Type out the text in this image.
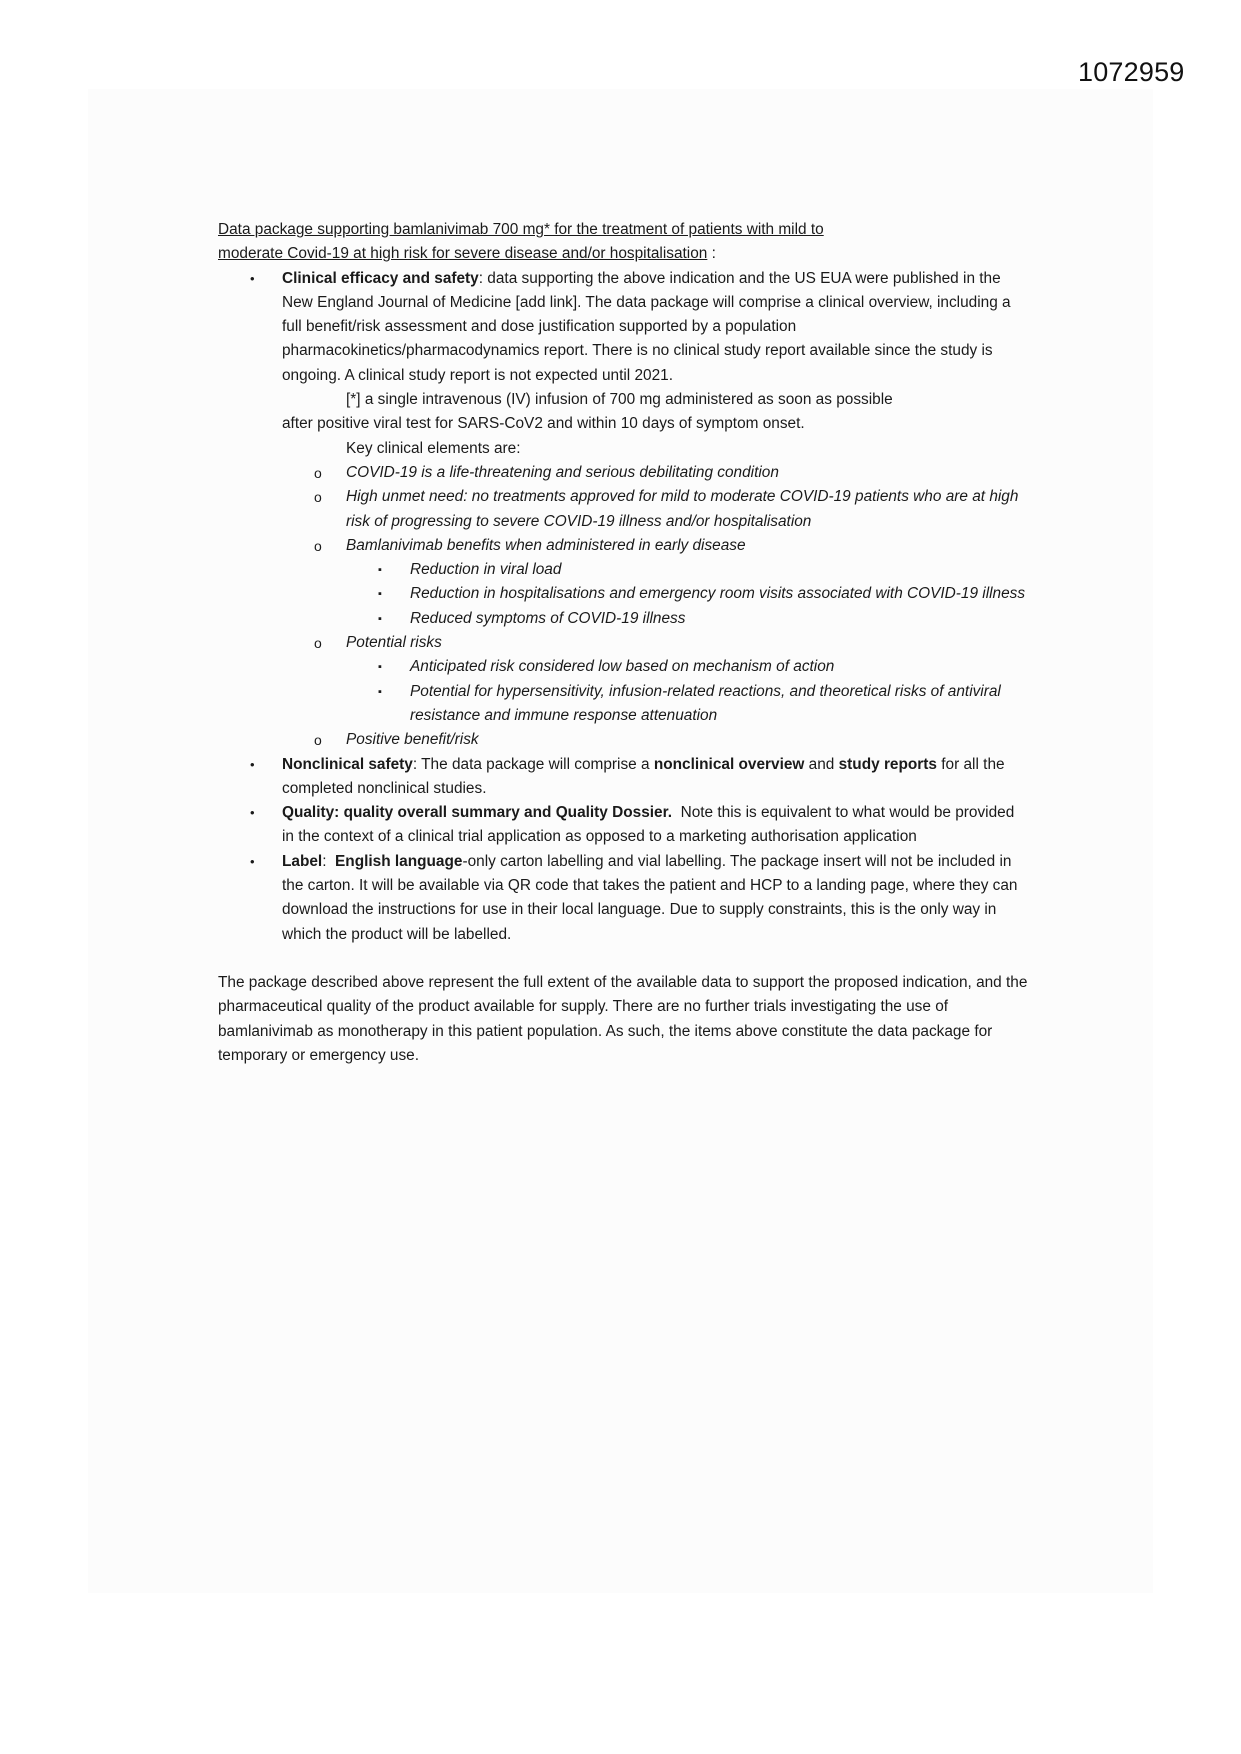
1072959
Data package supporting bamlanivimab 700 mg* for the treatment of patients with mild to
moderate Covid-19 at high risk for severe disease and/or hospitalisation :
• Clinical efficacy and safety: data supporting the above indication and the US EUA were published in the New England Journal of Medicine [add link]. The data package will comprise a clinical overview, including a full benefit/risk assessment and dose justification supported by a population pharmacokinetics/pharmacodynamics report. There is no clinical study report available since the study is ongoing. A clinical study report is not expected until 2021.
[*] a single intravenous (IV) infusion of 700 mg administered as soon as possible
after positive viral test for SARS-CoV2 and within 10 days of symptom onset.
Key clinical elements are:
o COVID-19 is a life-threatening and serious debilitating condition
o High unmet need: no treatments approved for mild to moderate COVID-19 patients who are at high risk of progressing to severe COVID-19 illness and/or hospitalisation
o Bamlanivimab benefits when administered in early disease
▪ Reduction in viral load
▪ Reduction in hospitalisations and emergency room visits associated with COVID-19 illness
▪ Reduced symptoms of COVID-19 illness
o Potential risks
▪ Anticipated risk considered low based on mechanism of action
▪ Potential for hypersensitivity, infusion-related reactions, and theoretical risks of antiviral resistance and immune response attenuation
o Positive benefit/risk
• Nonclinical safety: The data package will comprise a nonclinical overview and study reports for all the completed nonclinical studies.
• Quality: quality overall summary and Quality Dossier.  Note this is equivalent to what would be provided in the context of a clinical trial application as opposed to a marketing authorisation application
• Label:  English language-only carton labelling and vial labelling. The package insert will not be included in the carton. It will be available via QR code that takes the patient and HCP to a landing page, where they can download the instructions for use in their local language. Due to supply constraints, this is the only way in which the product will be labelled.

The package described above represent the full extent of the available data to support the proposed indication, and the pharmaceutical quality of the product available for supply. There are no further trials investigating the use of bamlanivimab as monotherapy in this patient population. As such, the items above constitute the data package for temporary or emergency use.
